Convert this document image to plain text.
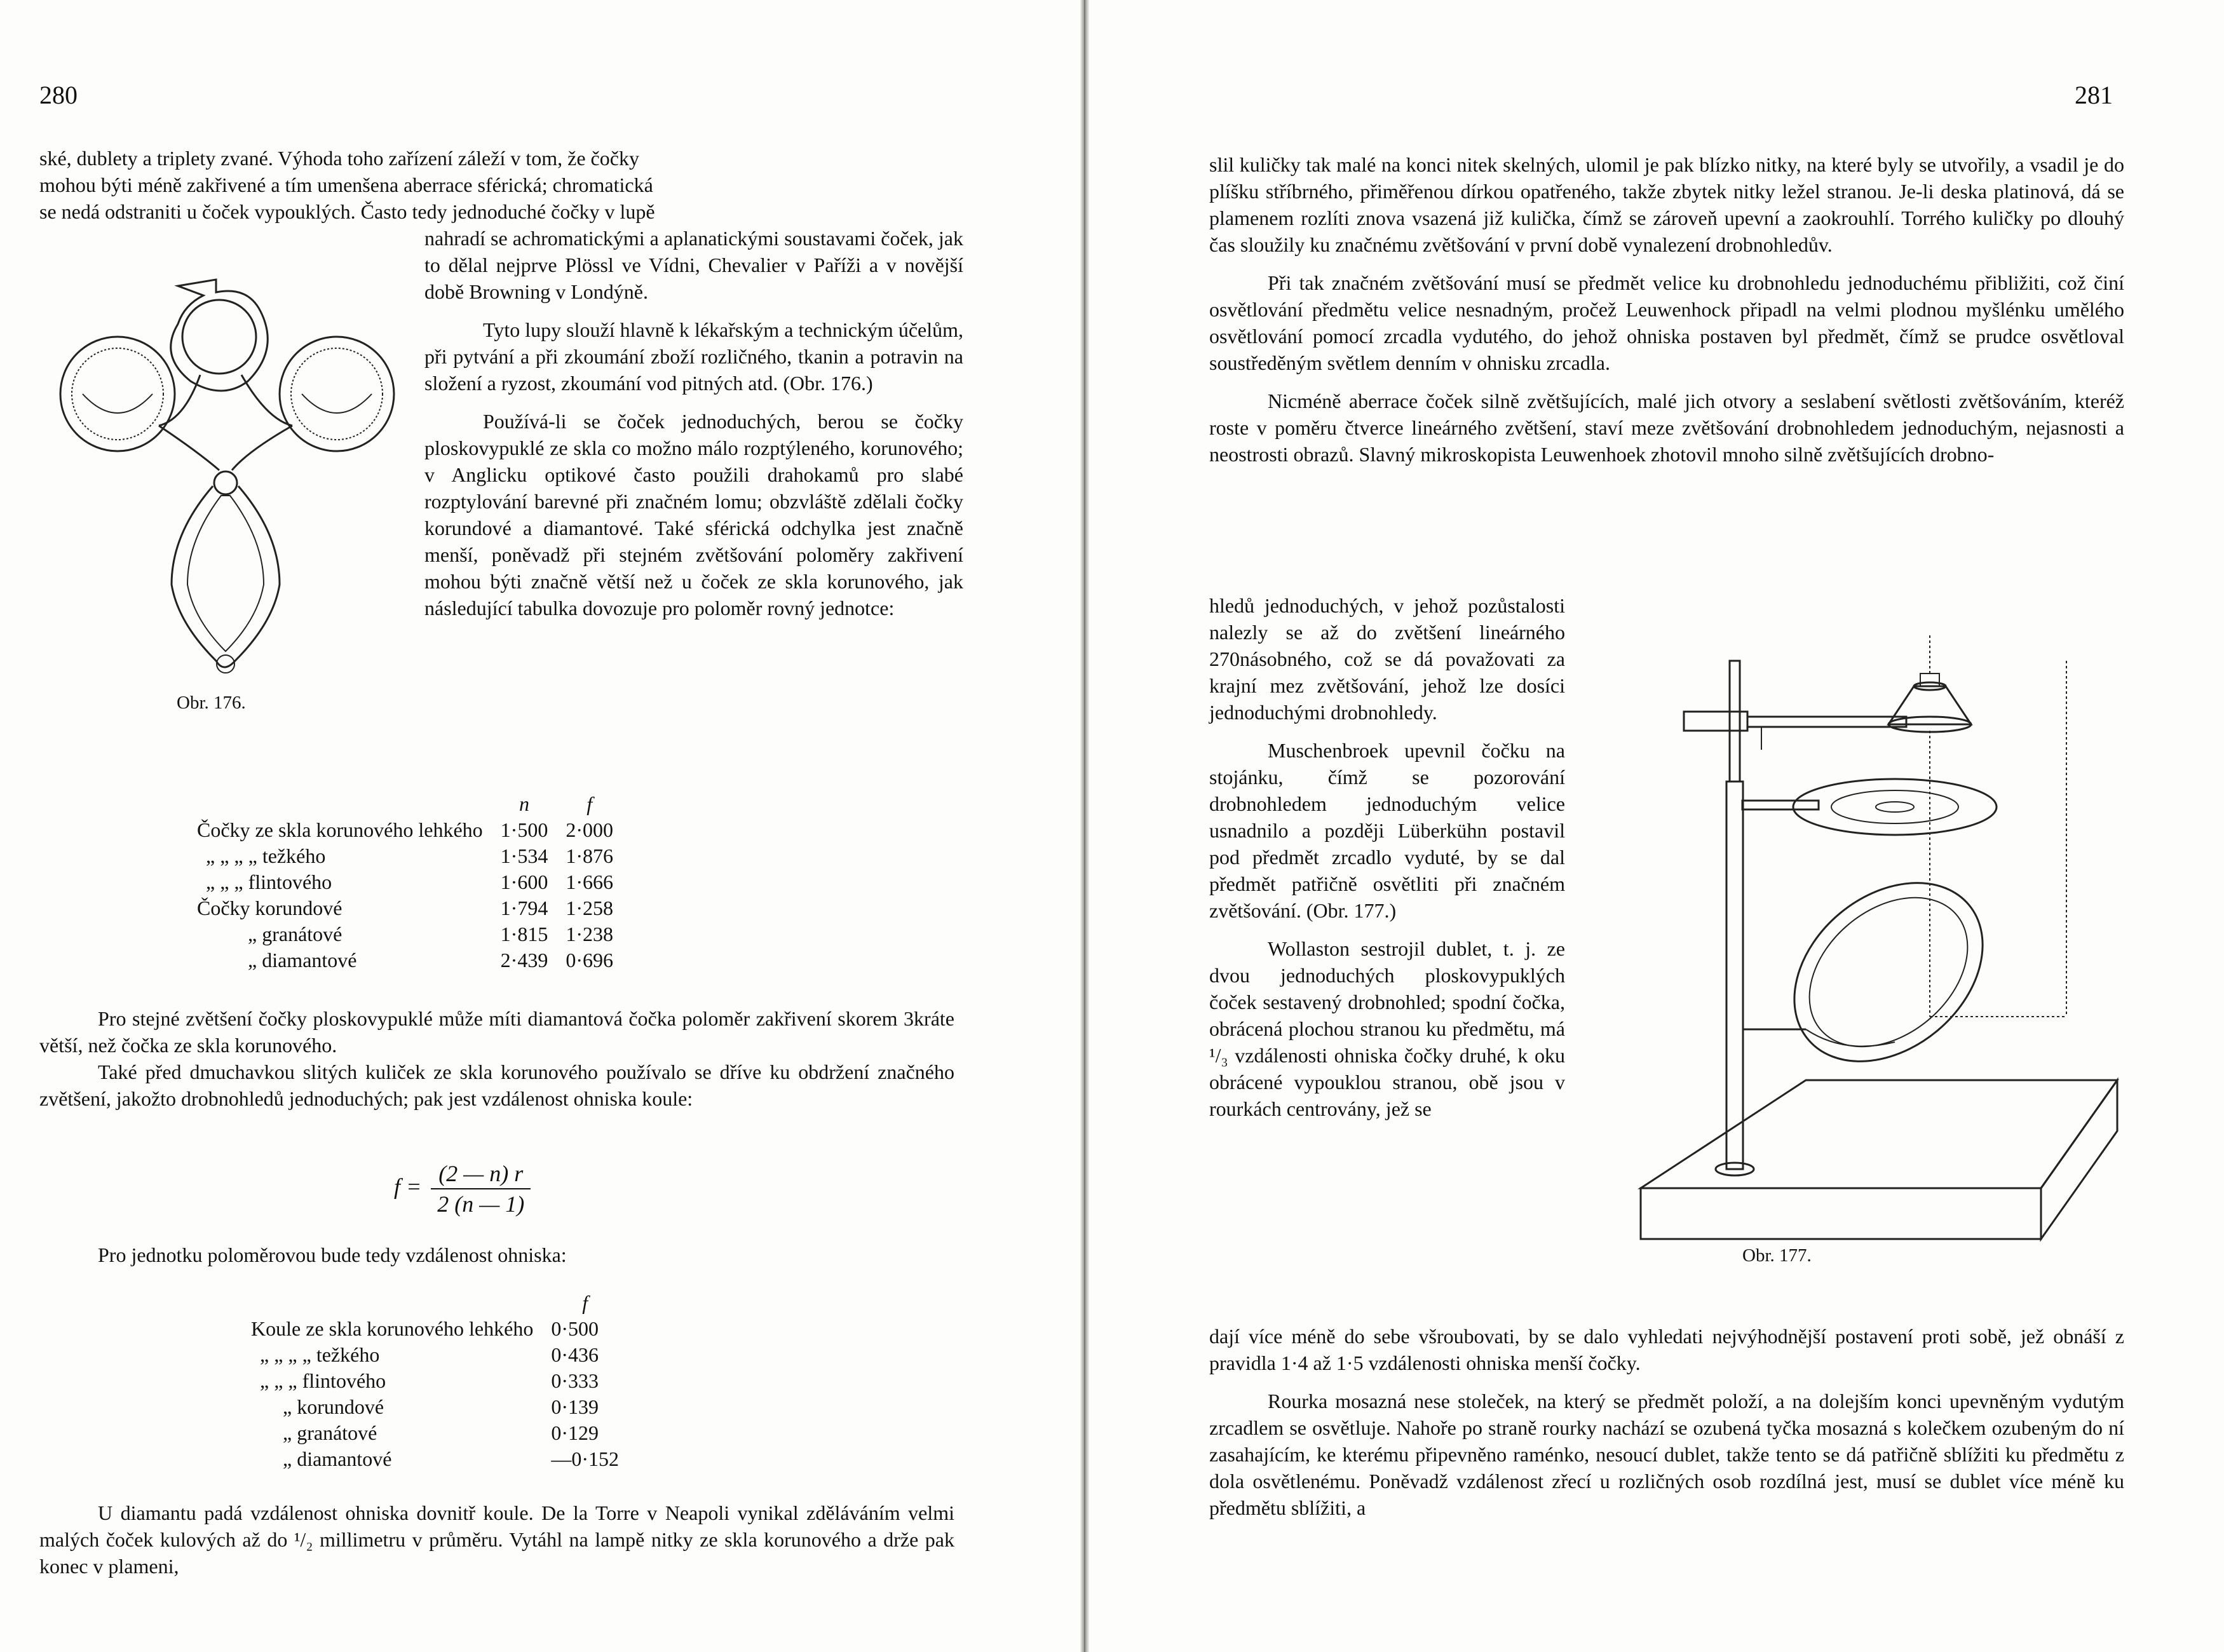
280

ské, dublety a triplety zvané. Výhoda toho zařízení záleží v tom, že čočky

mohou býti méně zakřivené a tím umenšena aberrace sférická; chromatická

se nedá odstraniti u čoček vypouklých. Často tedy jednoduché čočky v lupě

Obr. 176.

nahradí se achromatickými a aplanatickými soustavami čoček, jak to dělal nejprve Plössl ve Vídni, Chevalier v Paříži a v novější době Browning v Londýně.

Tyto lupy slouží hlavně k lékařským a technickým účelům, při pytvání a při zkoumání zboží rozličného, tkanin a potravin na složení a ryzost, zkoumání vod pitných atd. (Obr. 176.)

Používá-li se čoček jednoduchých, berou se čočky ploskovypuklé ze skla co možno málo rozptýleného, korunového; v Anglicku optikové často použili drahokamů pro slabé rozptylování barevné při značném lomu; obzvláště zdělali čočky korundové a diamantové. Také sférická odchylka jest značně menší, poněvadž při stejném zvětšování poloměry zakřivení mohou býti značně větší než u čoček ze skla korunového, jak následující tabulka dovozuje pro poloměr rovný jednotce:

	n	f
Čočky ze skla korunového lehkého	1·500	2·000
„ „ „ „ težkého	1·534	1·876
„ „ „ flintového	1·600	1·666
Čočky korundové	1·794	1·258
„ granátové	1·815	1·238
„ diamantové	2·439	0·696

Pro stejné zvětšení čočky ploskovypuklé může míti diamantová čočka poloměr zakřivení skorem 3kráte větší, než čočka ze skla korunového.

Také před dmuchavkou slitých kuliček ze skla korunového používalo se dříve ku obdržení značného zvětšení, jakožto drobnohledů jednoduchých; pak jest vzdálenost ohniska koule:

$f = \frac{(2 — n) r}{2 (n — 1)}$

Pro jednotku poloměrovou bude tedy vzdálenost ohniska:

	f
Koule ze skla korunového lehkého	0·500
„ „ „ „ težkého	0·436
„ „ „ flintového	0·333
„ korundové	0·139
„ granátové	0·129
„ diamantové	—0·152

U diamantu padá vzdálenost ohniska dovnitř koule. De la Torre v Neapoli vynikal zděláváním velmi malých čoček kulových až do ¹/₂ millimetru v průměru. Vytáhl na lampě nitky ze skla korunového a drže pak konec v plameni,

281

slil kuličky tak malé na konci nitek skelných, ulomil je pak blízko nitky, na které byly se utvořily, a vsadil je do plíšku stříbrného, přiměřenou dírkou opatřeného, takže zbytek nitky ležel stranou. Je-li deska platinová, dá se plamenem rozlíti znova vsazená již kulička, čímž se zároveň upevní a zaokrouhlí. Torrého kuličky po dlouhý čas sloužily ku značnému zvětšování v první době vynalezení drobnohledův.

Při tak značném zvětšování musí se předmět velice ku drobnohledu jednoduchému přibližiti, což činí osvětlování předmětu velice nesnadným, pročež Leuwenhock připadl na velmi plodnou myšlénku umělého osvětlování pomocí zrcadla vydutého, do jehož ohniska postaven byl předmět, čímž se prudce osvětloval soustředěným světlem denním v ohnisku zrcadla.

Nicméně aberrace čoček silně zvětšujících, malé jich otvory a seslabení světlosti zvětšováním, kteréž roste v poměru čtverce lineárného zvětšení, staví meze zvětšování drobnohledem jednoduchým, nejasnosti a neostrosti obrazů. Slavný mikroskopista Leuwenhoek zhotovil mnoho silně zvětšujících drobno-

hledů jednoduchých, v jehož pozůstalosti nalezly se až do zvětšení lineárného 270násobného, což se dá považovati za krajní mez zvětšování, jehož lze dosíci jednoduchými drobnohledy.

Muschenbroek upevnil čočku na stojánku, čímž se pozorování drobnohledem jednoduchým velice usnadnilo a později Lüberkühn postavil pod předmět zrcadlo vyduté, by se dal předmět patřičně osvětliti při značném zvětšování. (Obr. 177.)

Wollaston sestrojil dublet, t. j. ze dvou jednoduchých ploskovypuklých čoček sestavený drobnohled; spodní čočka, obrácená plochou stranou ku předmětu, má ¹/₃ vzdálenosti ohniska čočky druhé, k oku obrácené vypouklou stranou, obě jsou v rourkách centrovány, jež se

Obr. 177.

dají více méně do sebe všroubovati, by se dalo vyhledati nejvýhodnější postavení proti sobě, jež obnáší z pravidla 1·4 až 1·5 vzdálenosti ohniska menší čočky.

Rourka mosazná nese stoleček, na který se předmět položí, a na dolejším konci upevněným vydutým zrcadlem se osvětluje. Nahoře po straně rourky nachází se ozubená tyčka mosazná s kolečkem ozubeným do ní zasahajícím, ke kterému připevněno raménko, nesoucí dublet, takže tento se dá patřičně sblížiti ku předmětu z dola osvětlenému. Poněvadž vzdálenost zřecí u rozličných osob rozdílná jest, musí se dublet více méně ku předmětu sblížiti, a
